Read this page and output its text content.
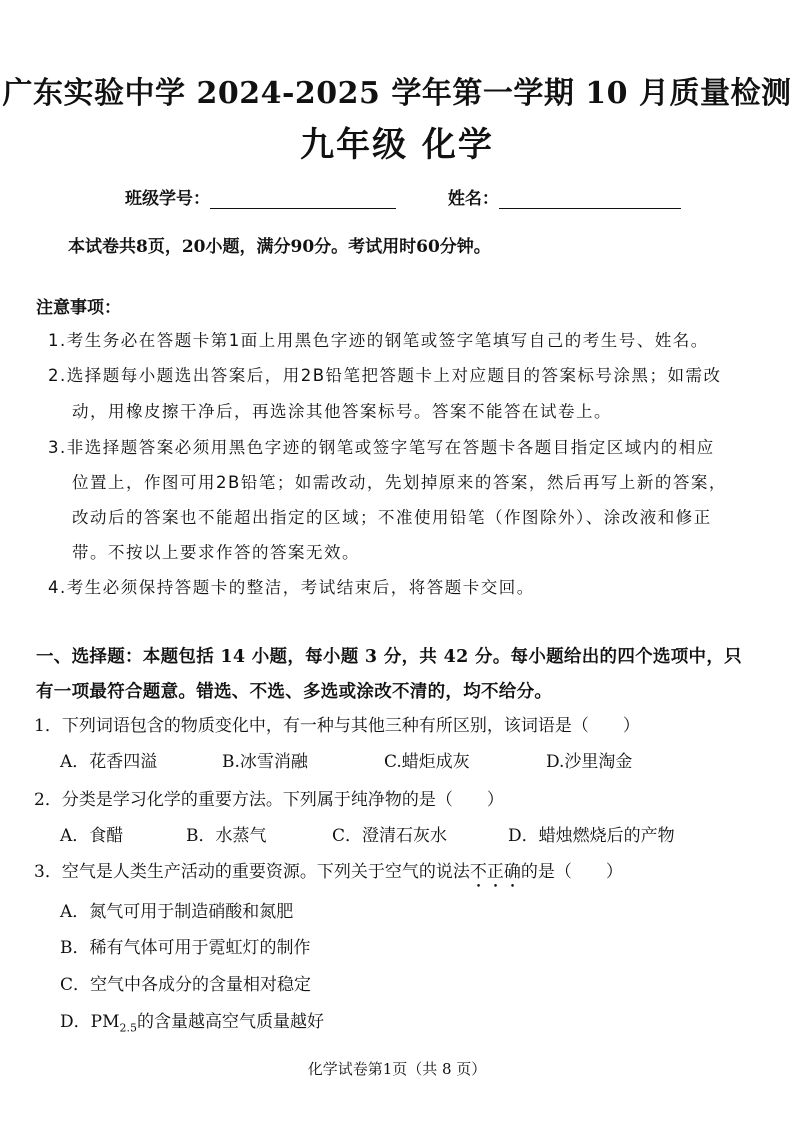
广东实验中学 2024-2025 学年第一学期 10 月质量检测
九年级 化学
班级学号：	姓名：
本试卷共8页，20小题，满分90分。考试用时60分钟。
注意事项：
1.考生务必在答题卡第1面上用黑色字迹的钢笔或签字笔填写自己的考生号、姓名。
2.选择题每小题选出答案后，用2B铅笔把答题卡上对应题目的答案标号涂黑；如需改
动，用橡皮擦干净后，再选涂其他答案标号。答案不能答在试卷上。
3.非选择题答案必须用黑色字迹的钢笔或签字笔写在答题卡各题目指定区域内的相应
位置上，作图可用2B铅笔；如需改动，先划掉原来的答案，然后再写上新的答案，
改动后的答案也不能超出指定的区域；不准使用铅笔（作图除外）、涂改液和修正
带。不按以上要求作答的答案无效。
4.考生必须保持答题卡的整洁，考试结束后，将答题卡交回。
一、选择题：本题包括 14 小题，每小题 3 分，共 42 分。每小题给出的四个选项中，只
有一项最符合题意。错选、不选、多选或涂改不清的，均不给分。
1．下列词语包含的物质变化中，有一种与其他三种有所区别，该词语是（　　）
A．花香四溢	B.冰雪消融	C.蜡炬成灰	D.沙里淘金
2．分类是学习化学的重要方法。下列属于纯净物的是（　　）
A．食醋	B．水蒸气	C．澄清石灰水	D．蜡烛燃烧后的产物
3．空气是人类生产活动的重要资源。下列关于空气的说法不正确的是（　　）
A．氮气可用于制造硝酸和氮肥
B．稀有气体可用于霓虹灯的制作
C．空气中各成分的含量相对稳定
D．$PM_{2.5}$的含量越高空气质量越好
化学试卷第1页（共 8 页）
